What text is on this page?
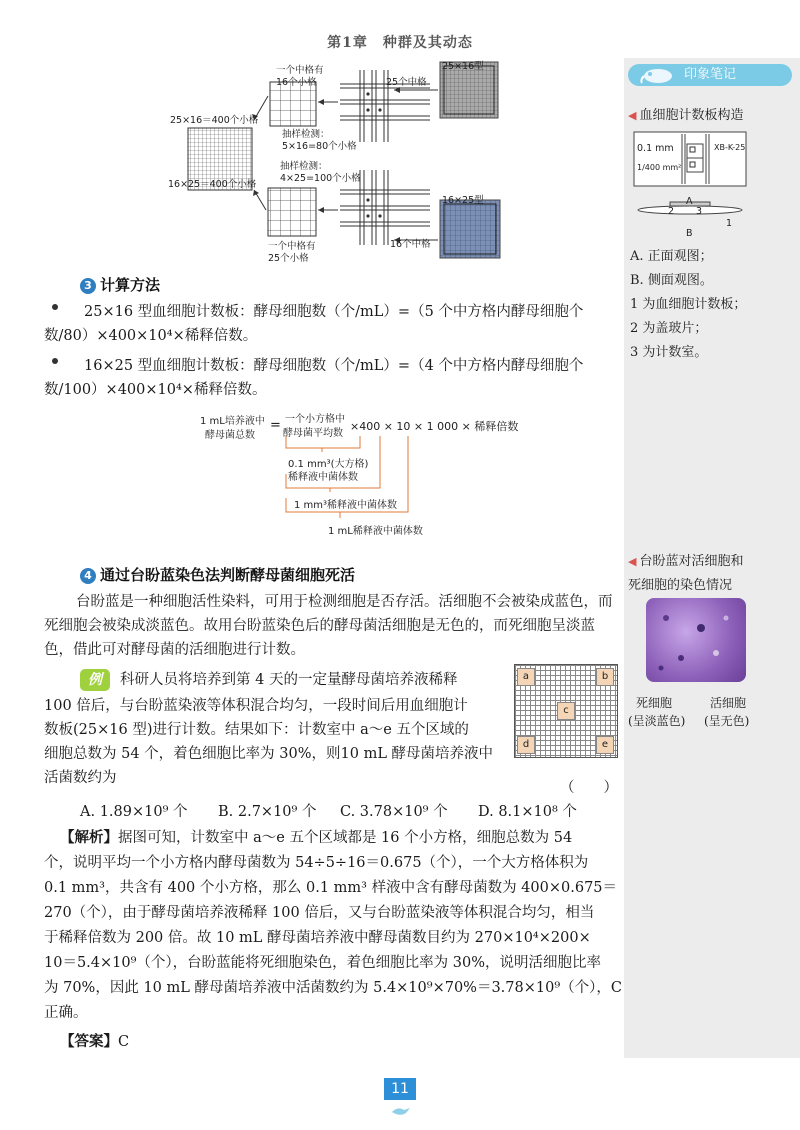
第1章　种群及其动态
印象笔记
◀ 血细胞计数板构造
0.1 mm
1/400 mm²
XB-K-25
A
B
1
2 3
A. 正面观图；
B. 侧面观图。
1 为血细胞计数板；
2 为盖玻片；
3 为计数室。
◀ 台盼蓝对活细胞和
死细胞的染色情况
死细胞
(呈淡蓝色)
活细胞
(呈无色)
25×16型
16×25型
一个中格有
16个小格
25×16＝400个小格
25个中格
抽样检测：
5×16=80个小格
16×25＝400个小格
抽样检测：
4×25=100个小格
一个中格有
25个小格
16个中格
3 计算方法
25×16 型血细胞计数板：酵母细胞数（个/mL）=（5 个中方格内酵母细胞个数/80）×400×10⁴×稀释倍数。
16×25 型血细胞计数板：酵母细胞数（个/mL）=（4 个中方格内酵母细胞个数/100）×400×10⁴×稀释倍数。
1 mL培养液中
酵母菌总数
= 一个小方格中
酵母菌平均数
×400 × 10 × 1 000 × 稀释倍数
0.1 mm³(大方格)
稀释液中菌体数
1 mm³稀释液中菌体数
1 mL稀释液中菌体数
4 通过台盼蓝染色法判断酵母菌细胞死活
台盼蓝是一种细胞活性染料，可用于检测细胞是否存活。活细胞不会被染成蓝色，而死细胞会被染成淡蓝色。故用台盼蓝染色后的酵母菌活细胞是无色的，而死细胞呈淡蓝色，借此可对酵母菌的活细胞进行计数。
例 科研人员将培养到第 4 天的一定量酵母菌培养液稀释
100 倍后，与台盼蓝染液等体积混合均匀，一段时间后用血细胞计
数板(25×16 型)进行计数。结果如下：计数室中 a～e 五个区域的
细胞总数为 54 个，着色细胞比率为 30%，则10 mL 酵母菌培养液中
活菌数约为
（　　）
a	b
c
d	e
A. 1.89×10⁹ 个 B. 2.7×10⁹ 个 C. 3.78×10⁹ 个 D. 8.1×10⁸ 个
【解析】据图可知，计数室中 a～e 五个区域都是 16 个小方格，细胞总数为 54
个，说明平均一个小方格内酵母菌数为 54÷5÷16＝0.675（个），一个大方格体积为
0.1 mm³，共含有 400 个小方格，那么 0.1 mm³ 样液中含有酵母菌数为 400×0.675＝
270（个），由于酵母菌培养液稀释 100 倍后，又与台盼蓝染液等体积混合均匀，相当
于稀释倍数为 200 倍。故 10 mL 酵母菌培养液中酵母菌数目约为 270×10⁴×200×
10＝5.4×10⁹（个），台盼蓝能将死细胞染色，着色细胞比率为 30%，说明活细胞比率
为 70%，因此 10 mL 酵母菌培养液中活菌数约为 5.4×10⁹×70%＝3.78×10⁹（个），C
正确。
【答案】C
11
